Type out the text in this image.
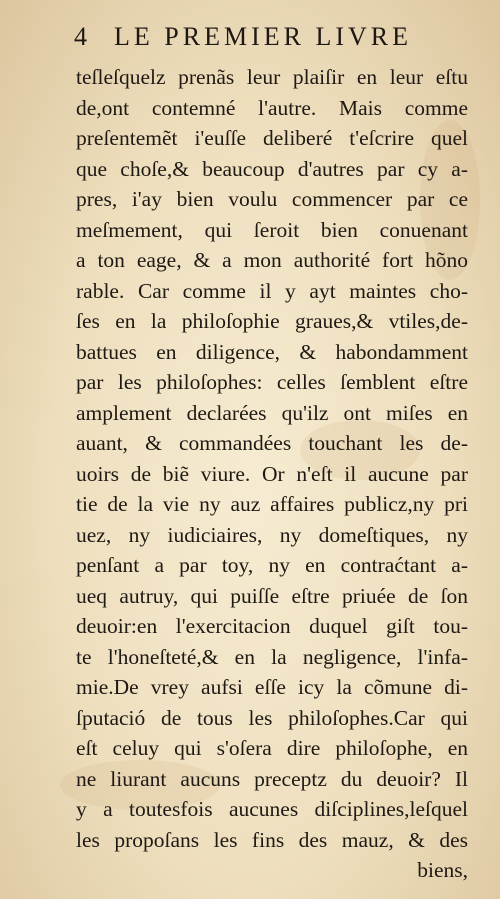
4 LE PREMIER LIVRE
teſleſquelz prenãs leur plaiſir en leur eſtu
de,ont contemné l'autre. Mais comme
preſentemẽt i'euſſe deliberé t'eſcrire quel
que choſe,& beaucoup d'autres par cy a-
pres, i'ay bien voulu commencer par ce
meſmement, qui ſeroit bien conuenant
a ton eage, & a mon authorité fort hõno
rable. Car comme il y ayt maintes cho-
ſes en la philoſophie graues,& vtiles,de-
battues en diligence, & habondamment
par les philoſophes: celles ſemblent eſtre
amplement declarées qu'ilz ont miſes en
auant, & commandées touchant les de-
uoirs de biẽ viure. Or n'eſt il aucune par
tie de la vie ny auz affaires publicz,ny pri
uez, ny iudiciaires, ny domeſtiques, ny
penſant a par toy, ny en contraćtant a-
ueq autruy, qui puiſſe eſtre priuée de ſon
deuoir:en l'exercitacion duquel giſt tou-
te l'honeſteté,& en la negligence, l'infa-
mie.De vrey aufsi eſſe icy la cõmune di-
ſputació de tous les philoſophes.Car qui
eſt celuy qui s'oſera dire philoſophe, en
ne liurant aucuns preceptz du deuoir? Il
y a toutesfois aucunes diſciplines,leſquel
les propoſans les fins des mauz, & des
biens,
